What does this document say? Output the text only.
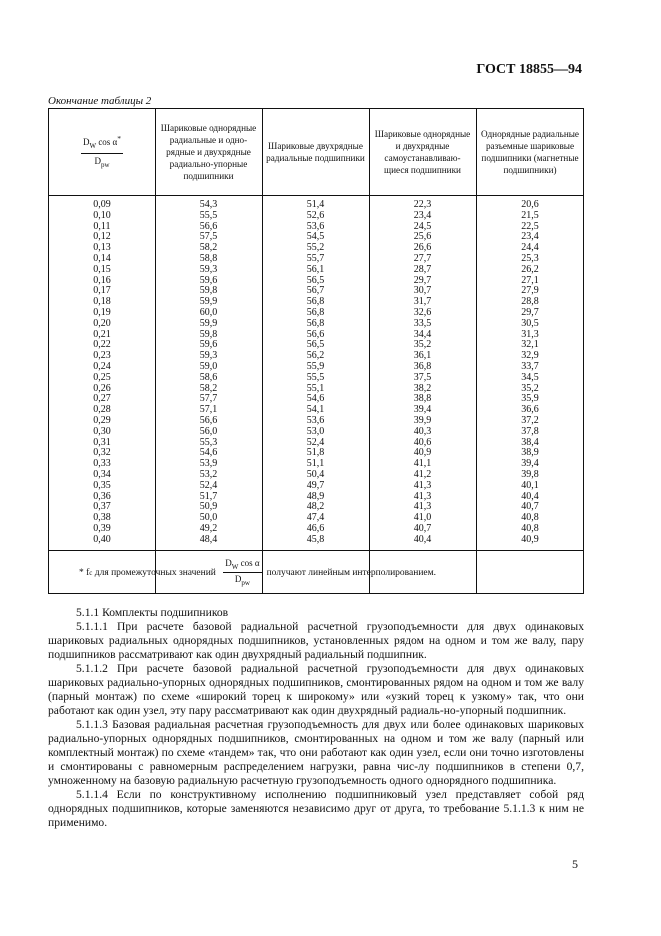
ГОСТ 18855—94
Окончание таблицы 2
$\frac{D_W \cos \alpha^*}{D_{pw}}$
Шариковые однорядные радиальные и одно-рядные и двухрядные радиально-упорные подшипники
Шариковые двухрядные радиальные подшипники
Шариковые однорядные и двухрядные самоустанавливаю-щиеся подшипники
Однорядные радиальные разъемные шариковые подшипники (магнетные подшипники)
0,09
0,10
0,11
0,12
0,13
0,14
0,15
0,16
0,17
0,18
0,19
0,20
0,21
0,22
0,23
0,24
0,25
0,26
0,27
0,28
0,29
0,30
0,31
0,32
0,33
0,34
0,35
0,36
0,37
0,38
0,39
0,40
54,3
55,5
56,6
57,5
58,2
58,8
59,3
59,6
59,8
59,9
60,0
59,9
59,8
59,6
59,3
59,0
58,6
58,2
57,7
57,1
56,6
56,0
55,3
54,6
53,9
53,2
52,4
51,7
50,9
50,0
49,2
48,4
51,4
52,6
53,6
54,5
55,2
55,7
56,1
56,5
56,7
56,8
56,8
56,8
56,6
56,5
56,2
55,9
55,5
55,1
54,6
54,1
53,6
53,0
52,4
51,8
51,1
50,4
49,7
48,9
48,2
47,4
46,6
45,8
22,3
23,4
24,5
25,6
26,6
27,7
28,7
29,7
30,7
31,7
32,6
33,5
34,4
35,2
36,1
36,8
37,5
38,2
38,8
39,4
39,9
40,3
40,6
40,9
41,1
41,2
41,3
41,3
41,3
41,0
40,7
40,4
20,6
21,5
22,5
23,4
24,4
25,3
26,2
27,1
27,9
28,8
29,7
30,5
31,3
32,1
32,9
33,7
34,5
35,2
35,9
36,6
37,2
37,8
38,4
38,9
39,4
39,8
40,1
40,4
40,7
40,8
40,8
40,9
* f c для промежуточных значений $\frac{D_W \cos \alpha}{D_{pw}}$ получают линейным интерполированием.

5.1.1 Комплекты подшипников

5.1.1.1 При расчете базовой радиальной расчетной грузоподъемности для двух одинаковых шариковых радиальных однорядных подшипников, установленных рядом на одном и том же валу, пару подшипников рассматривают как один двухрядный радиальный подшипник.

5.1.1.2 При расчете базовой радиальной расчетной грузоподъемности для двух одинаковых шариковых радиально-упорных однорядных подшипников, смонтированных рядом на одном и том же валу (парный монтаж) по схеме «широкий торец к широкому» или «узкий торец к узкому» так, что они работают как один узел, эту пару рассматривают как один двухрядный радиаль-но-упорный подшипник.

5.1.1.3 Базовая радиальная расчетная грузоподъемность для двух или более одинаковых шариковых радиально-упорных однорядных подшипников, смонтированных на одном и том же валу (парный или комплектный монтаж) по схеме «тандем» так, что они работают как один узел, если они точно изготовлены и смонтированы с равномерным распределением нагрузки, равна чис-лу подшипников в степени 0,7, умноженному на базовую радиальную расчетную грузоподъемность одного однорядного подшипника.

5.1.1.4 Если по конструктивному исполнению подшипниковый узел представляет собой ряд однорядных подшипников, которые заменяются независимо друг от друга, то требование 5.1.1.3 к ним не применимо.

5
